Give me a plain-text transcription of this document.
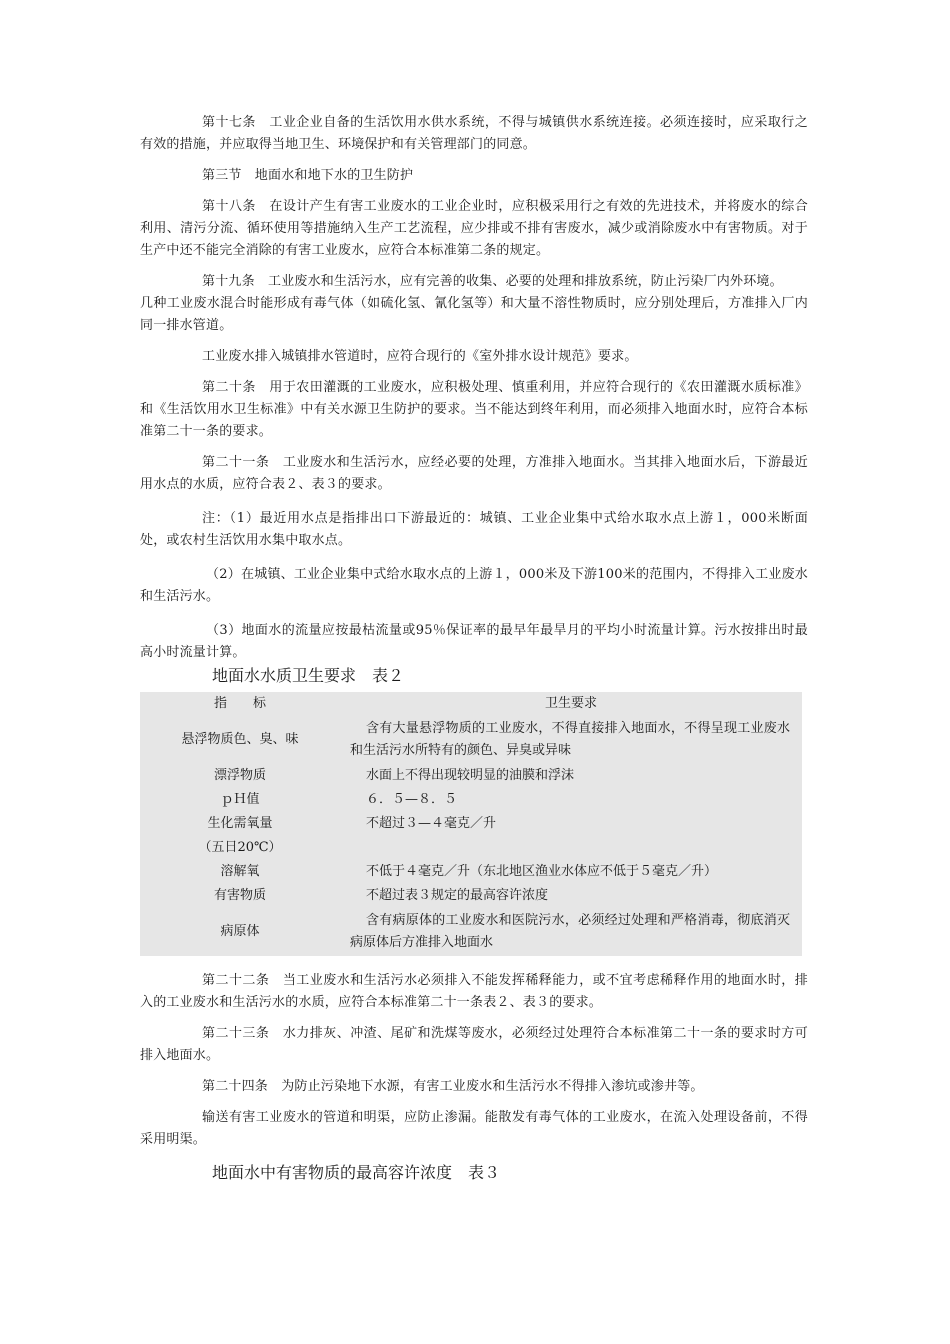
第十七条　工业企业自备的生活饮用水供水系统，不得与城镇供水系统连接。必须连接时，应采取行之有效的措施，并应取得当地卫生、环境保护和有关管理部门的同意。

第三节　地面水和地下水的卫生防护

第十八条　在设计产生有害工业废水的工业企业时，应积极采用行之有效的先进技术，并将废水的综合利用、清污分流、循环使用等措施纳入生产工艺流程，应少排或不排有害废水，减少或消除废水中有害物质。对于生产中还不能完全消除的有害工业废水，应符合本标准第二条的规定。

第十九条　工业废水和生活污水，应有完善的收集、必要的处理和排放系统，防止污染厂内外环境。

几种工业废水混合时能形成有毒气体（如硫化氢、氰化氢等）和大量不溶性物质时，应分别处理后，方准排入厂内同一排水管道。

工业废水排入城镇排水管道时，应符合现行的《室外排水设计规范》要求。

第二十条　用于农田灌溉的工业废水，应积极处理、慎重利用，并应符合现行的《农田灌溉水质标准》和《生活饮用水卫生标准》中有关水源卫生防护的要求。当不能达到终年利用，而必须排入地面水时，应符合本标准第二十一条的要求。

第二十一条　工业废水和生活污水，应经必要的处理，方准排入地面水。当其排入地面水后，下游最近用水点的水质，应符合表２、表３的要求。

注：（1）最近用水点是指排出口下游最近的：城镇、工业企业集中式给水取水点上游１，000米断面处，或农村生活饮用水集中取水点。

（2）在城镇、工业企业集中式给水取水点的上游１，000米及下游100米的范围内，不得排入工业废水和生活污水。

（3）地面水的流量应按最枯流量或95％保证率的最早年最旱月的平均小时流量计算。污水按排出时最高小时流量计算。

地面水水质卫生要求　表２
指　　标	卫生要求
悬浮物质色、臭、味	含有大量悬浮物质的工业废水，不得直接排入地面水，不得呈现工业废水和生活污水所特有的颜色、异臭或异味

漂浮物质	水面上不得出现较明显的油膜和浮沫

ｐＨ值	６．５—８．５

生化需氧量	不超过３—４毫克／升

（五日20℃）	

溶解氧	不低于４毫克／升（东北地区渔业水体应不低于５毫克／升）

有害物质	不超过表３规定的最高容许浓度

病原体	含有病原体的工业废水和医院污水，必须经过处理和严格消毒，彻底消灭病原体后方准排入地面水

第二十二条　当工业废水和生活污水必须排入不能发挥稀释能力，或不宜考虑稀释作用的地面水时，排入的工业废水和生活污水的水质，应符合本标准第二十一条表２、表３的要求。

第二十三条　水力排灰、冲渣、尾矿和洗煤等废水，必须经过处理符合本标准第二十一条的要求时方可排入地面水。

第二十四条　为防止污染地下水源，有害工业废水和生活污水不得排入渗坑或渗井等。

输送有害工业废水的管道和明渠，应防止渗漏。能散发有毒气体的工业废水，在流入处理设备前，不得采用明渠。

地面水中有害物质的最高容许浓度　表３
